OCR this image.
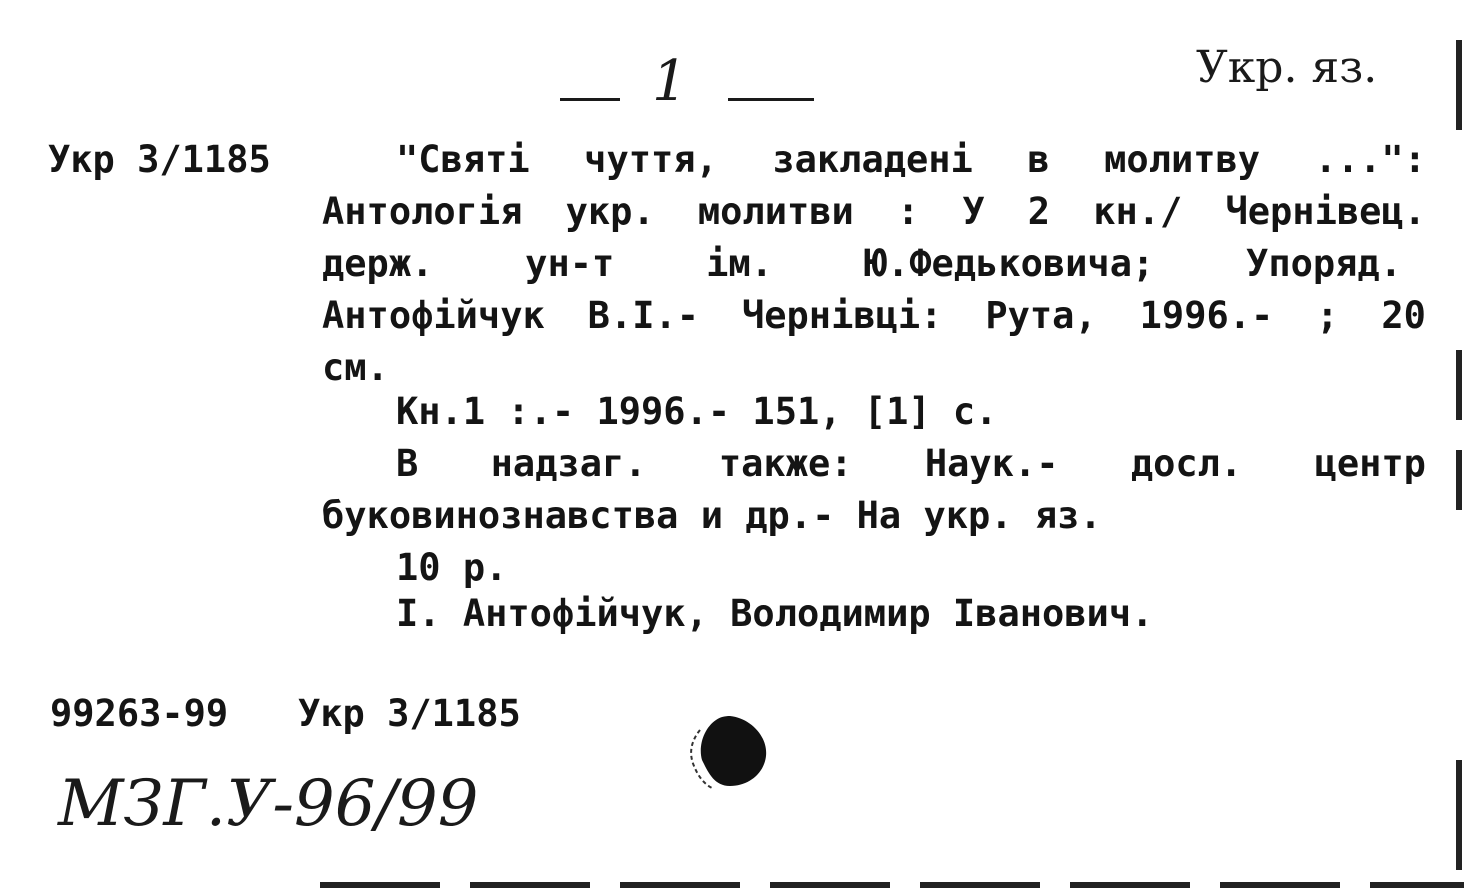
1	Укр. яз.
Укр 3/1185	"Святі чуття, закладені в молитву ...":
Антологія укр. молитви : У 2 кн./ Чернівец.
держ. ун-т ім. Ю.Федьковича; Упоряд.
Антофійчук В.І.- Чернівці: Рута, 1996.- ; 20
см.
Кн.1 :.- 1996.- 151, [1] с.
В надзаг. также: Наук.- досл. центр
буковинознавства и др.- На укр. яз.
10 р.
І. Антофійчук, Володимир Іванович.
99263-99 Укр 3/1185
МЗГ.У-96/99
